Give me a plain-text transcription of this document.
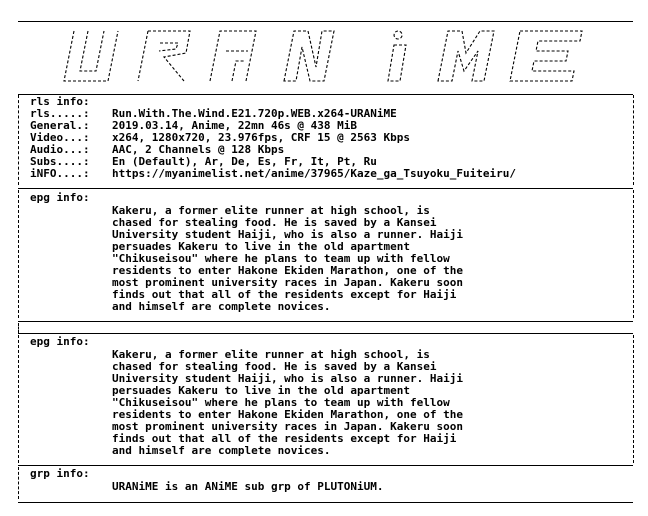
rls info:
rls.....: Run.With.The.Wind.E21.720p.WEB.x264-URANiME
General.: 2019.03.14, Anime, 22mn 46s @ 438 MiB
Video...: x264, 1280x720, 23.976fps, CRF 15 @ 2563 Kbps
Audio...: AAC, 2 Channels @ 128 Kbps
Subs....: En (Default), Ar, De, Es, Fr, It, Pt, Ru
iNFO....: https://myanimelist.net/anime/37965/Kaze_ga_Tsuyoku_Fuiteiru/
epg info:
Kakeru, a former elite runner at high school, is
chased for stealing food. He is saved by a Kansei
University student Haiji, who is also a runner. Haiji
persuades Kakeru to live in the old apartment
"Chikuseisou" where he plans to team up with fellow
residents to enter Hakone Ekiden Marathon, one of the
most prominent university races in Japan. Kakeru soon
finds out that all of the residents except for Haiji
and himself are complete novices.
epg info:
Kakeru, a former elite runner at high school, is
chased for stealing food. He is saved by a Kansei
University student Haiji, who is also a runner. Haiji
persuades Kakeru to live in the old apartment
"Chikuseisou" where he plans to team up with fellow
residents to enter Hakone Ekiden Marathon, one of the
most prominent university races in Japan. Kakeru soon
finds out that all of the residents except for Haiji
and himself are complete novices.
grp info:
URANiME is an ANiME sub grp of PLUTONiUM.
